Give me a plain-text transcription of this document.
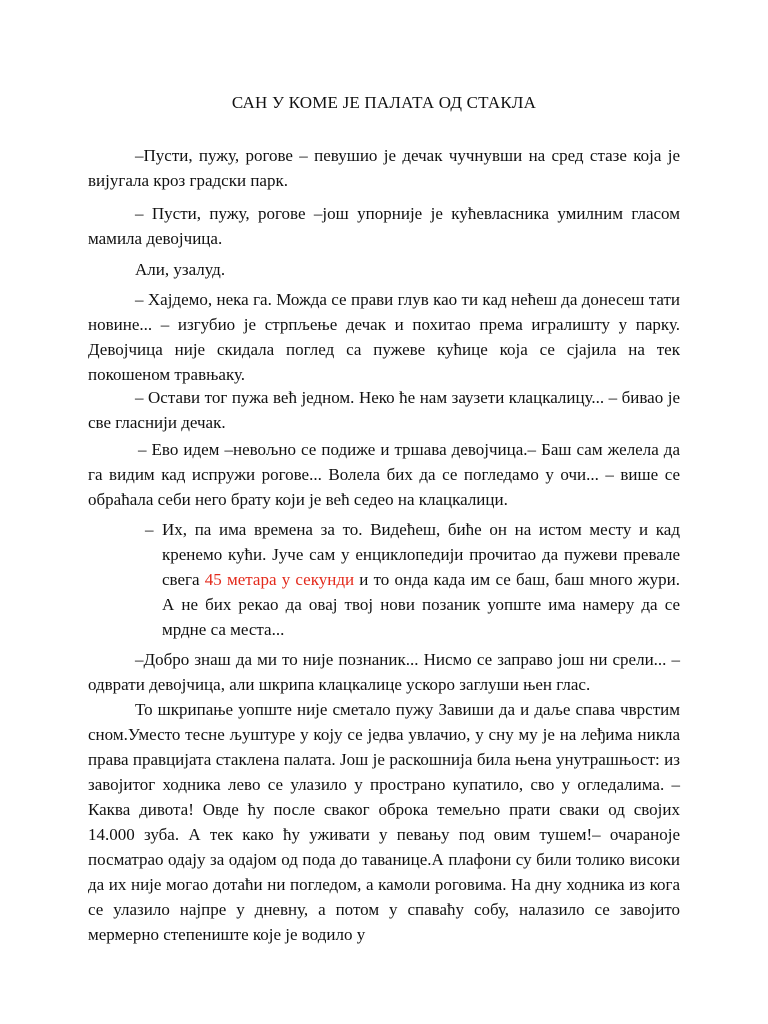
САН У КОМЕ ЈЕ ПАЛАТА ОД СТАКЛА
–Пусти, пужу, рогове – певушио је дечак чучнувши на сред стазе која је вијугала кроз градски парк.
– Пусти, пужу, рогове –још упорније је кућевласника умилним гласом мамила девојчица.
Али, узалуд.
– Хајдемо, нека га. Можда се прави глув као ти кад нећеш да донесеш тати новине... – изгубио је стрпљење дечак и похитао према игралишту у парку. Девојчица није скидала поглед са пужеве кућице која се сјајила на тек покошеном травњаку.
– Остави тог пужа већ једном. Неко ће нам заузети клацкалицу... – бивао је све гласнији дечак.
– Ево идем –невољно се подиже и тршава девојчица.– Баш сам желела да га видим кад испружи рогове... Волела бих да се погледамо у очи... – више се обраћала себи него брату који је већ седео на клацкалици.
– Их, па има времена за то. Видећеш, биће он на истом месту и кад кренемо кући. Јуче сам у енциклопедији прочитао да пужеви превале свега 45 метара у секунди и то онда када им се баш, баш много жури. А не бих рекао да овај твој нови позаник уопште има намеру да се мрдне са места...
–Добро знаш да ми то није познаник... Нисмо се заправо још ни срели... – одврати девојчица, али шкрипа клацкалице ускоро заглуши њен глас.
То шкрипање уопште није сметало пужу Завиши да и даље спава чврстим сном.Уместо тесне љуштуре у коју се једва увлачио, у сну му је на леђима никла права правцијата стаклена палата. Још је раскошнија била њена унутрашњост: из завојитог ходника лево се улазило у пространо купатило, сво у огледалима. – Каква дивота! Овде ћу после сваког оброка темељно прати сваки од својих 14.000 зуба. А тек како ћу уживати у певању под овим тушем!– очараноје посматрао одају за одајом од пода до таванице.А плафони су били толико високи да их није могао дотаћи ни погледом, а камоли роговима. На дну ходника из кога се улазило најпре у дневну, а потом у спаваћу собу, налазило се завојито мермерно степениште које је водило у
